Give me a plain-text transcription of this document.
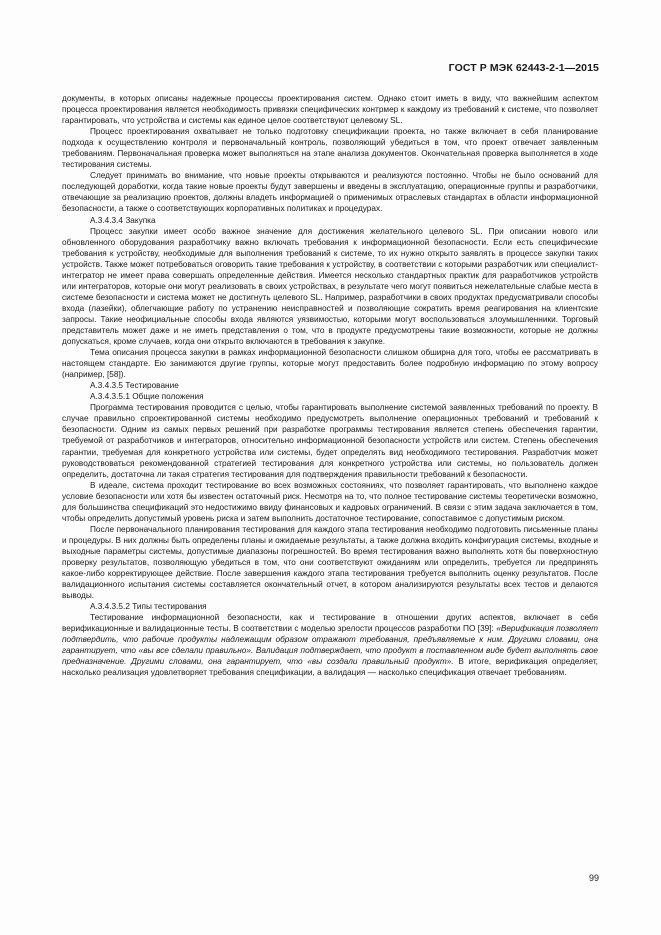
ГОСТ Р МЭК 62443-2-1—2015

документы, в которых описаны надежные процессы проектирования систем. Однако стоит иметь в виду, что важнейшим аспектом процесса проектирования является необходимость привязки специфических контрмер к каждому из требований к системе, что позволяет гарантировать, что устройства и системы как единое целое соответствуют целевому SL.

Процесс проектирования охватывает не только подготовку спецификации проекта, но также включает в себя планирование подхода к осуществлению контроля и первоначальный контроль, позволяющий убедиться в том, что проект отвечает заявленным требованиям. Первоначальная проверка может выполняться на этапе анализа документов. Окончательная проверка выполняется в ходе тестирования системы.

Следует принимать во внимание, что новые проекты открываются и реализуются постоянно. Чтобы не было оснований для последующей доработки, когда такие новые проекты будут завершены и введены в эксплуатацию, операционные группы и разработчики, отвечающие за реализацию проектов, должны владеть информацией о применимых отраслевых стандартах в области информационной безопасности, а также о соответствующих корпоративных политиках и процедурах.

А.3.4.3.4 Закупка

Процесс закупки имеет особо важное значение для достижения желательного целевого SL. При описании нового или обновленного оборудования разработчику важно включать требования к информационной безопасности. Если есть специфические требования к устройству, необходимые для выполнения требований к системе, то их нужно открыто заявлять в процессе закупки таких устройств. Также может потребоваться оговорить такие требования к устройству, в соответствии с которыми разработчик или специалист-интегратор не имеет права совершать определенные действия. Имеется несколько стандартных практик для разработчиков устройств или интеграторов, которые они могут реализовать в своих устройствах, в результате чего могут появиться нежелательные слабые места в системе безопасности и система может не достигнуть целевого SL. Например, разработчики в своих продуктах предусматривали способы входа (лазейки), облегчающие работу по устранению неисправностей и позволяющие сократить время реагирования на клиентские запросы. Такие неофициальные способы входа являются уязвимостью, которыми могут воспользоваться злоумышленники. Торговый представитель может даже и не иметь представления о том, что в продукте предусмотрены такие возможности, которые не должны допускаться, кроме случаев, когда они открыто включаются в требования к закупке.

Тема описания процесса закупки в рамках информационной безопасности слишком обширна для того, чтобы ее рассматривать в настоящем стандарте. Ею занимаются другие группы, которые могут предоставить более подробную информацию по этому вопросу (например, [58]).

А.3.4.3.5 Тестирование

А.3.4.3.5.1 Общие положения

Программа тестирования проводится с целью, чтобы гарантировать выполнение системой заявленных требований по проекту. В случае правильно спроектированной системы необходимо предусмотреть выполнение операционных требований и требований к безопасности. Одним из самых первых решений при разработке программы тестирования является степень обеспечения гарантии, требуемой от разработчиков и интеграторов, относительно информационной безопасности устройств или систем. Степень обеспечения гарантии, требуемая для конкретного устройства или системы, будет определять вид необходимого тестирования. Разработчик может руководствоваться рекомендованной стратегией тестирования для конкретного устройства или системы, но пользователь должен определить, достаточна ли такая стратегия тестирования для подтверждения правильности требований к безопасности.

В идеале, система проходит тестирование во всех возможных состояниях, что позволяет гарантировать, что выполнено каждое условие безопасности или хотя бы известен остаточный риск. Несмотря на то, что полное тестирование системы теоретически возможно, для большинства спецификаций это недостижимо ввиду финансовых и кадровых ограничений. В связи с этим задача заключается в том, чтобы определить допустимый уровень риска и затем выполнить достаточное тестирование, сопоставимое с допустимым риском.

После первоначального планирования тестирования для каждого этапа тестирования необходимо подготовить письменные планы и процедуры. В них должны быть определены планы и ожидаемые результаты, а также должна входить конфигурация системы, входные и выходные параметры системы, допустимые диапазоны погрешностей. Во время тестирования важно выполнять хотя бы поверхностную проверку результатов, позволяющую убедиться в том, что они соответствуют ожиданиям или определить, требуется ли предпринять какое-либо корректирующее действие. После завершения каждого этапа тестирования требуется выполнить оценку результатов. После валидационного испытания системы составляется окончательный отчет, в котором анализируются результаты всех тестов и делаются выводы.

А.3.4.3.5.2 Типы тестирования

Тестирование информационной безопасности, как и тестирование в отношении других аспектов, включает в себя верификационные и валидационные тесты. В соответствии с моделью зрелости процессов разработки ПО [39]: «Верификация позволяет подтвердить, что рабочие продукты надлежащим образом отражают требования, предъявляемые к ним. Другими словами, она гарантирует, что «вы все сделали правильно». Валидация подтверждает, что продукт в поставленном виде будет выполнять свое предназначение. Другими словами, она гарантирует, что «вы создали правильный продукт». В итоге, верификация определяет, насколько реализация удовлетворяет требования спецификации, а валидация — насколько спецификация отвечает требованиям.

99
